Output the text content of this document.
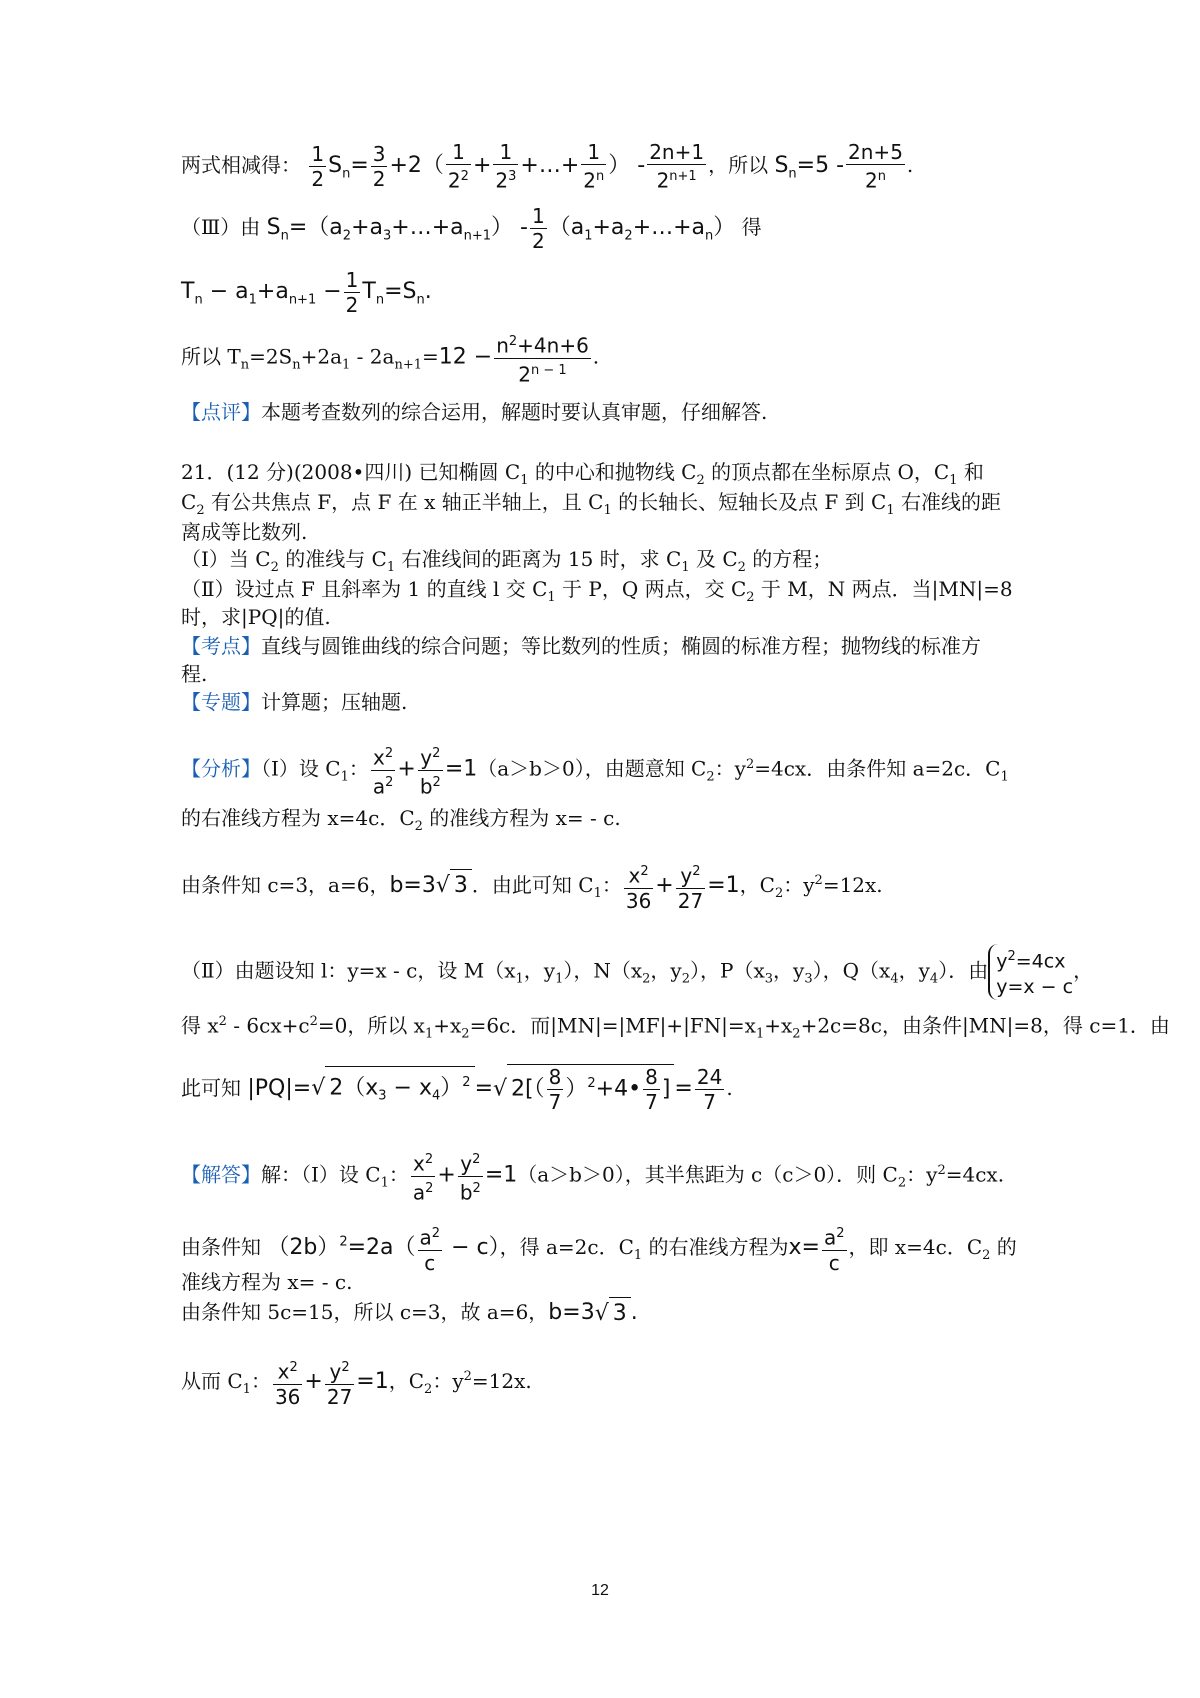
两式相减得： $\frac{1}{2} S_n= \frac{3}{2} +2( \frac{1}{2^2} + \frac{1}{2^3}$ +…+ $\frac{1}{2^n}$ ） - $\frac{2n+1}{2^{n+1}}$ ，所以 $S_n=5 - \frac{2n+5}{2^n}$ .
（Ⅲ）由 $S_n=(a_2+a_3+\dots+a_{n+1}) - \frac{1}{2}$ $(a_1+a_2+\dots+a_n)$ 得
$T_n - a_1+a_{n+1} - \frac{1}{2} T_n=S_n$.
所以 $T_n=2S_n+2a_1 - 2a_{n+1}=12 - \frac{n^2+4n+6}{2^{n - 1}}$ .
【点评】本题考查数列的综合运用，解题时要认真审题，仔细解答.
21．(12 分)(2008•四川) 已知椭圆 $C_1$ 的中心和抛物线 $C_2$ 的顶点都在坐标原点 O，$C_1$ 和
$C_2$ 有公共焦点 F，点 F 在 x 轴正半轴上，且 $C_1$ 的长轴长、短轴长及点 F 到 $C_1$ 右准线的距
离成等比数列.
（Ⅰ）当 $C_2$ 的准线与 $C_1$ 右准线间的距离为 15 时，求 $C_1$ 及 $C_2$ 的方程；
（Ⅱ）设过点 F 且斜率为 1 的直线 l 交 $C_1$ 于 P，Q 两点，交 $C_2$ 于 M，N 两点．当|MN|=8
时，求|PQ|的值.
【考点】直线与圆锥曲线的综合问题；等比数列的性质；椭圆的标准方程；抛物线的标准方
程.
【专题】计算题；压轴题.
【分析】（Ⅰ）设 $C_1$： $\frac{x^2}{a^2} + \frac{y^2}{b^2} =1(a>b>0)$，由题意知 $C_2$：$y^2=4cx$．由条件知 a=2c．$C_1$
的右准线方程为 x=4c．$C_2$ 的准线方程为 x= - c.
由条件知 c=3，a=6，b=3√ 3 ．由此可知 $C_1$： $\frac{x^2}{36} + \frac{y^2}{27} =1$，$C_2$：$y^2=12x$.
（Ⅱ）由题设知 l：y=x - c，设 $M(x_1$，$y_1$），$N(x_2$，$y_2$），$P(x_3$，$y_3$），$Q(x_4$，$y_4$）．由 $y^2=4cx$
y=x − c
，
得 $x^2 - 6cx+c^2=0$，所以 $x_1+x_2=6c$．而$|MN|=|MF|+|FN|=x_1+x_2+2c=8c$，由条件|MN|=8，得 c=1．由
此可知 |PQ|=√ $2(x_3 - x_4)^2$ =√ $2[( \frac{8}{7}$ ）$^2+4• \frac{8}{7}$ ] = $\frac{24}{7}$ .
【解答】解：（Ⅰ）设 $C_1$： $\frac{x^2}{a^2} + \frac{y^2}{b^2} =1(a>b>0)$，其半焦距为 c（c＞0）．则 $C_2$：$y^2=4cx$.
由条件知 $(2b)^2=2a( \frac{a^2}{c} - c)$，得 a=2c．$C_1$ 的右准线方程为$x= \frac{a^2}{c}$ ，即 x=4c．$C_2$ 的
准线方程为 x= - c.
由条件知 5c=15，所以 c=3，故 a=6，b=3√ 3 .
从而 $C_1$： $\frac{x^2}{36} + \frac{y^2}{27} =1$，$C_2$：$y^2=12x$.
12
